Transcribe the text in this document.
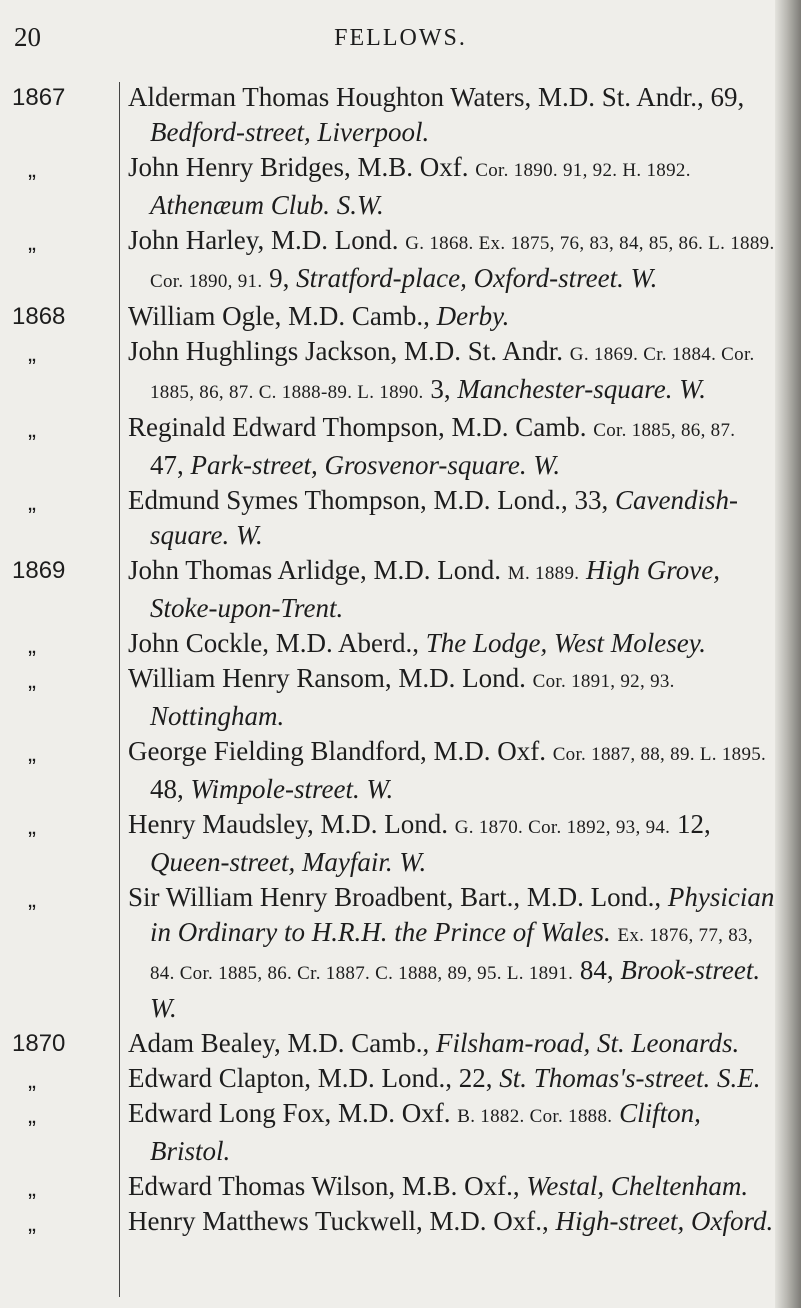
20	FELLOWS.
1867	Alderman Thomas Houghton Waters, M.D. St. Andr., 69, Bedford-street, Liverpool.
„	John Henry Bridges, M.B. Oxf. Cor. 1890. 91, 92. H. 1892. Athenæum Club. S.W.
„	John Harley, M.D. Lond. G. 1868. Ex. 1875, 76, 83, 84, 85, 86. L. 1889. Cor. 1890, 91. 9, Stratford-place, Oxford-street. W.
1868	William Ogle, M.D. Camb., Derby.
„	John Hughlings Jackson, M.D. St. Andr. G. 1869. Cr. 1884. Cor. 1885, 86, 87. C. 1888-89. L. 1890. 3, Manchester-square. W.
„	Reginald Edward Thompson, M.D. Camb. Cor. 1885, 86, 87. 47, Park-street, Grosvenor-square. W.
„	Edmund Symes Thompson, M.D. Lond., 33, Cavendish-square. W.
1869	John Thomas Arlidge, M.D. Lond. M. 1889. High Grove, Stoke-upon-Trent.
„	John Cockle, M.D. Aberd., The Lodge, West Molesey.
„	William Henry Ransom, M.D. Lond. Cor. 1891, 92, 93. Nottingham.
„	George Fielding Blandford, M.D. Oxf. Cor. 1887, 88, 89. L. 1895. 48, Wimpole-street. W.
„	Henry Maudsley, M.D. Lond. G. 1870. Cor. 1892, 93, 94. 12, Queen-street, Mayfair. W.
„	Sir William Henry Broadbent, Bart., M.D. Lond., Physician in Ordinary to H.R.H. the Prince of Wales. Ex. 1876, 77, 83, 84. Cor. 1885, 86. Cr. 1887. C. 1888, 89, 95. L. 1891. 84, Brook-street. W.
1870	Adam Bealey, M.D. Camb., Filsham-road, St. Leonards.
„	Edward Clapton, M.D. Lond., 22, St. Thomas's-street. S.E.
„	Edward Long Fox, M.D. Oxf. B. 1882. Cor. 1888. Clifton, Bristol.
„	Edward Thomas Wilson, M.B. Oxf., Westal, Cheltenham.
„	Henry Matthews Tuckwell, M.D. Oxf., High-street, Oxford.
